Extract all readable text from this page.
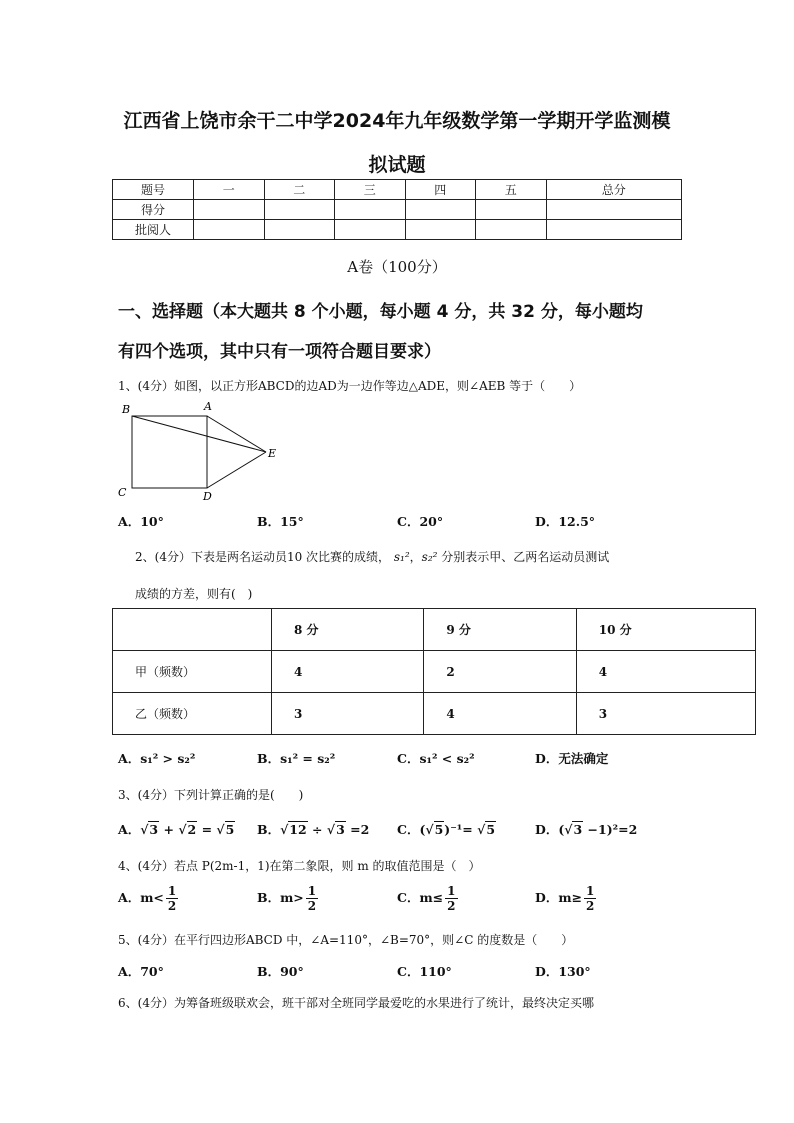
江西省上饶市余干二中学2024年九年级数学第一学期开学监测模
拟试题
题号	一	二	三	四	五	总分
得分						
批阅人						
A卷（100分）
一、选择题（本大题共 8 个小题，每小题 4 分，共 32 分，每小题均
有四个选项，其中只有一项符合题目要求）
1、(4分）如图，以正方形ABCD的边AD为一边作等边△ADE，则∠AEB 等于（　　）
B	A
C	D
E
A．10°	B．15°	C．20°	D．12.5°
2、(4分）下表是两名运动员10 次比赛的成绩， s₁²，s₂² 分别表示甲、乙两名运动员测试
成绩的方差，则有(　)
	8 分	9 分	10 分
甲（频数）	4	2	4
乙（频数）	3	4	3
A．s₁² > s₂²	B．s₁² = s₂²	C．s₁² < s₂²	D．无法确定
3、(4分）下列计算正确的是(　　)
A．√3 + √2 = √5 B．√12 ÷ √3 =2 C．(√5)⁻¹= √5	D．(√3 −1)²=2
4、(4分）若点 P(2m-1，1)在第二象限，则 m 的取值范围是（　）
A．$m< \frac{1}{2}$	B．$m> \frac{1}{2}$	C．$m\le \frac{1}{2}$	D．$m\ge \frac{1}{2}$
5、(4分）在平行四边形ABCD 中，∠A=110°，∠B=70°，则∠C 的度数是（　　）
A．70°	B．90°	C．110°	D．130°
6、(4分）为筹备班级联欢会，班干部对全班同学最爱吃的水果进行了统计，最终决定买哪
